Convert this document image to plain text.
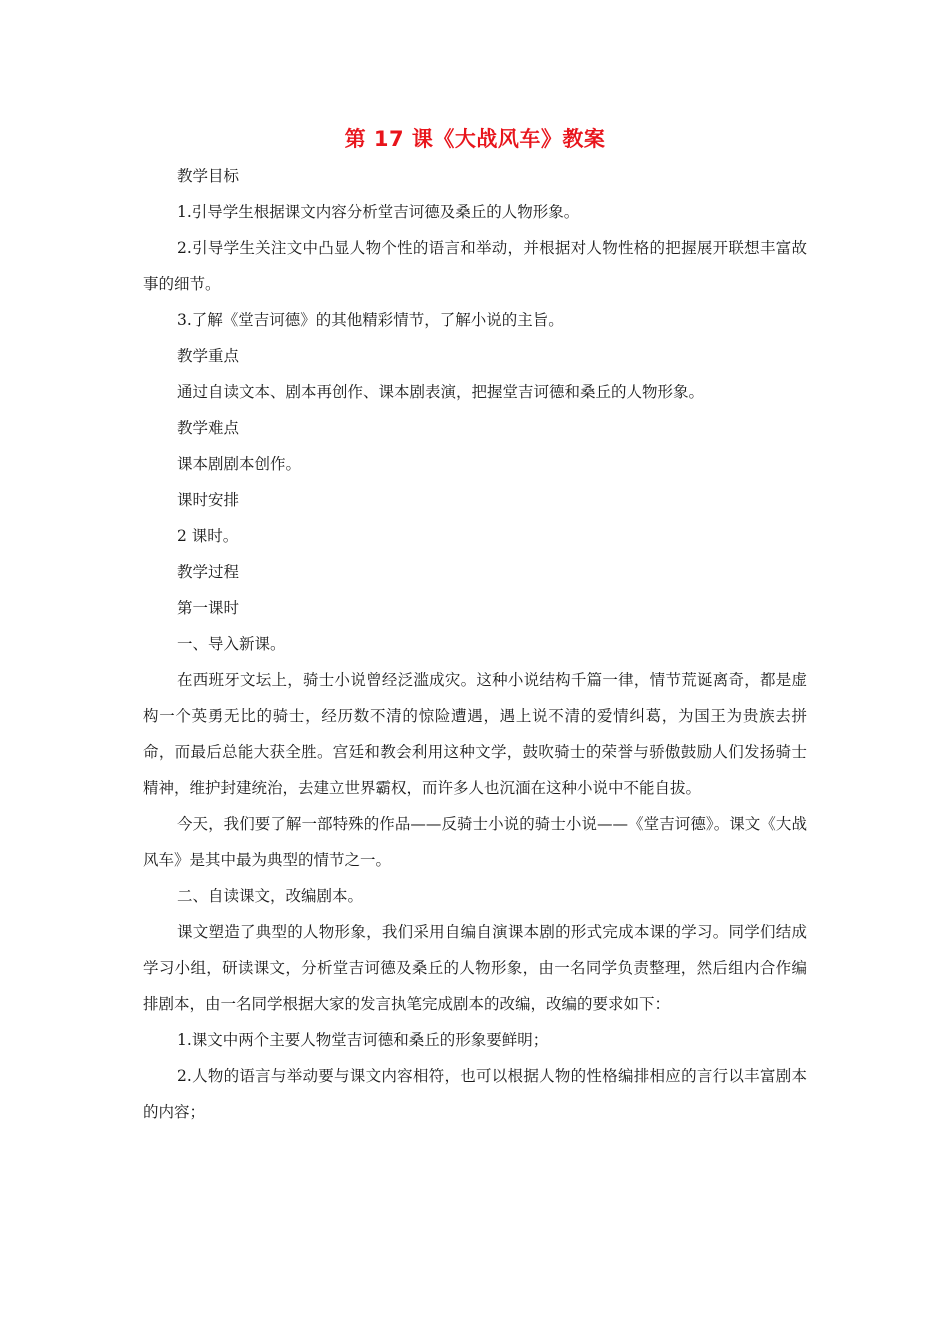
第 17 课《大战风车》教案

教学目标

1.引导学生根据课文内容分析堂吉诃德及桑丘的人物形象。

2.引导学生关注文中凸显人物个性的语言和举动，并根据对人物性格的把握展开联想丰富故事的细节。

3.了解《堂吉诃德》的其他精彩情节，了解小说的主旨。

教学重点

通过自读文本、剧本再创作、课本剧表演，把握堂吉诃德和桑丘的人物形象。

教学难点

课本剧剧本创作。

课时安排

2 课时。

教学过程

第一课时

一、导入新课。

在西班牙文坛上，骑士小说曾经泛滥成灾。这种小说结构千篇一律，情节荒诞离奇，都是虚构一个英勇无比的骑士，经历数不清的惊险遭遇，遇上说不清的爱情纠葛，为国王为贵族去拼命，而最后总能大获全胜。宫廷和教会利用这种文学，鼓吹骑士的荣誉与骄傲鼓励人们发扬骑士精神，维护封建统治，去建立世界霸权，而许多人也沉湎在这种小说中不能自拔。

今天，我们要了解一部特殊的作品——反骑士小说的骑士小说——《堂吉诃德》。课文《大战风车》是其中最为典型的情节之一。

二、自读课文，改编剧本。

课文塑造了典型的人物形象，我们采用自编自演课本剧的形式完成本课的学习。同学们结成学习小组，研读课文，分析堂吉诃德及桑丘的人物形象，由一名同学负责整理，然后组内合作编排剧本，由一名同学根据大家的发言执笔完成剧本的改编，改编的要求如下：

1.课文中两个主要人物堂吉诃德和桑丘的形象要鲜明；

2.人物的语言与举动要与课文内容相符，也可以根据人物的性格编排相应的言行以丰富剧本的内容；
